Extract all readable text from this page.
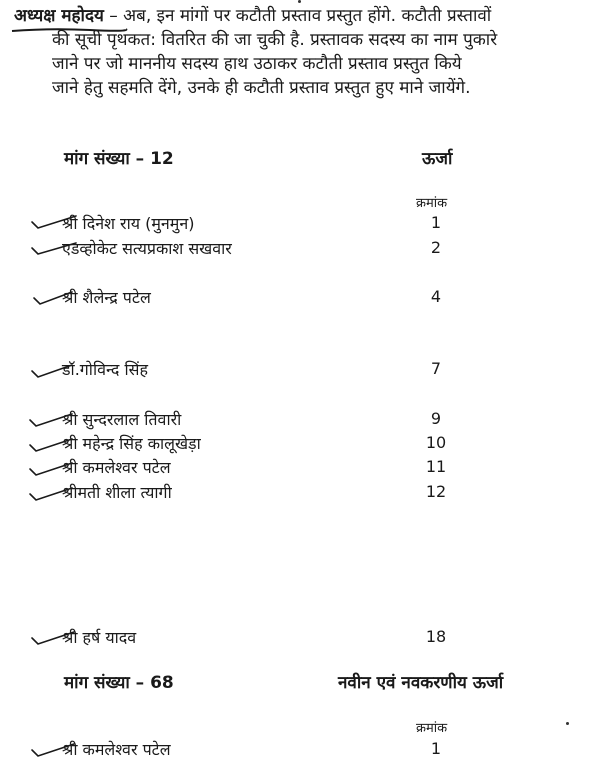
अध्यक्ष महोदय – अब, इन मांगों पर कटौती प्रस्ताव प्रस्तुत होंगे. कटौती प्रस्तावों
की सूची पृथकत: वितरित की जा चुकी है. प्रस्तावक सदस्य का नाम पुकारे
जाने पर जो माननीय सदस्य हाथ उठाकर कटौती प्रस्ताव प्रस्तुत किये
जाने हेतु सहमति देंगे, उनके ही कटौती प्रस्ताव प्रस्तुत हुए माने जायेंगे.
मांग संख्या – 12	ऊर्जा
क्रमांक
श्री दिनेश राय (मुनमुन)	1
एडव्होकेट सत्यप्रकाश सखवार	2
श्री शैलेन्द्र पटेल	4
डॉ.गोविन्द सिंह	7
श्री सुन्दरलाल तिवारी	9
श्री महेन्द्र सिंह कालूखेड़ा	10
श्री कमलेश्वर पटेल	11
श्रीमती शीला त्यागी	12
श्री हर्ष यादव	18
मांग संख्या – 68	नवीन एवं नवकरणीय ऊर्जा
क्रमांक
श्री कमलेश्वर पटेल	1
